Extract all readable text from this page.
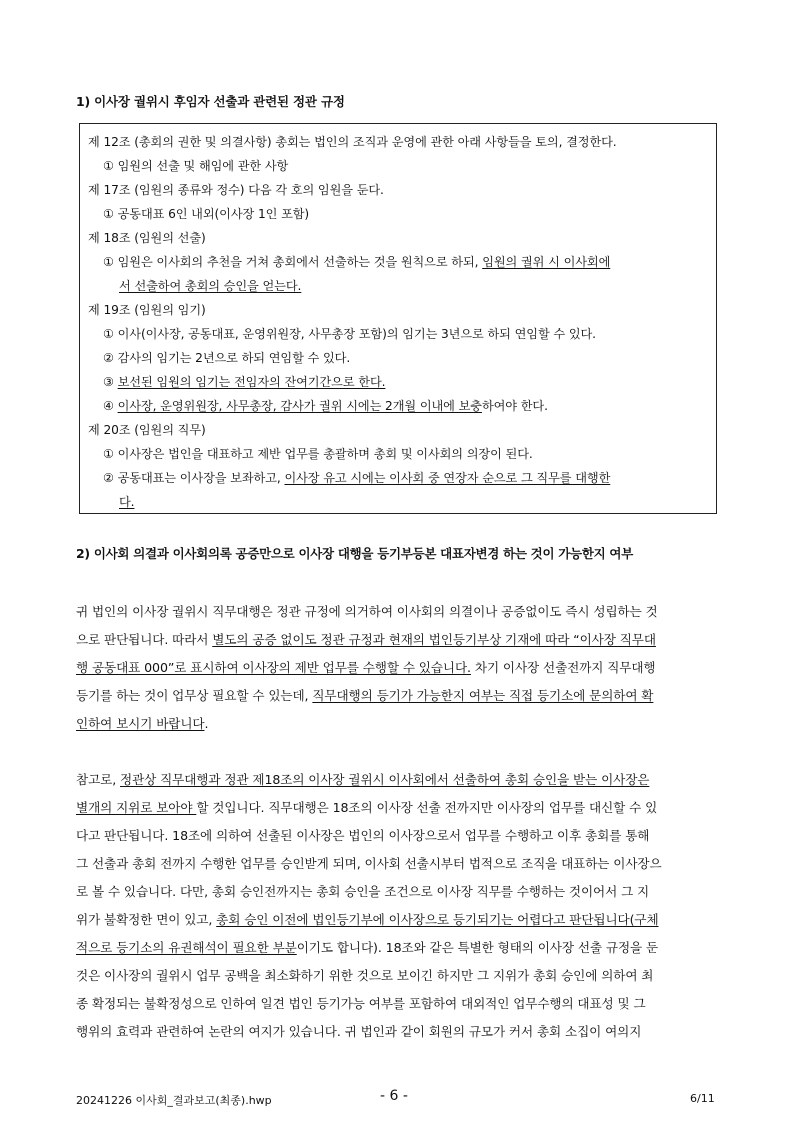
1) 이사장 궐위시 후임자 선출과 관련된 정관 규정
제 12조 (총회의 권한 및 의결사항) 총회는 법인의 조직과 운영에 관한 아래 사항들을 토의, 결정한다.
① 임원의 선출 및 해임에 관한 사항
제 17조 (임원의 종류와 정수) 다음 각 호의 임원을 둔다.
① 공동대표 6인 내외(이사장 1인 포함)
제 18조 (임원의 선출)
① 임원은 이사회의 추천을 거쳐 총회에서 선출하는 것을 원칙으로 하되, 임원의 궐위 시 이사회에
서 선출하여 총회의 승인을 얻는다.
제 19조 (임원의 임기)
① 이사(이사장, 공동대표, 운영위원장, 사무총장 포함)의 임기는 3년으로 하되 연임할 수 있다.
② 감사의 임기는 2년으로 하되 연임할 수 있다.
③ 보선된 임원의 임기는 전임자의 잔여기간으로 한다.
④ 이사장, 운영위원장, 사무총장, 감사가 궐위 시에는 2개월 이내에 보충하여야 한다.
제 20조 (임원의 직무)
① 이사장은 법인을 대표하고 제반 업무를 총괄하며 총회 및 이사회의 의장이 된다.
② 공동대표는 이사장을 보좌하고, 이사장 유고 시에는 이사회 중 연장자 순으로 그 직무를 대행한
다.
2) 이사회 의결과 이사회의록 공증만으로 이사장 대행을 등기부등본 대표자변경 하는 것이 가능한지 여부
귀 법인의 이사장 궐위시 직무대행은 정관 규정에 의거하여 이사회의 의결이나 공증없이도 즉시 성립하는 것
으로 판단됩니다. 따라서 별도의 공증 없이도 정관 규정과 현재의 법인등기부상 기재에 따라 “이사장 직무대
행 공동대표 000”로 표시하여 이사장의 제반 업무를 수행할 수 있습니다. 차기 이사장 선출전까지 직무대행
등기를 하는 것이 업무상 필요할 수 있는데, 직무대행의 등기가 가능한지 여부는 직접 등기소에 문의하여 확
인하여 보시기 바랍니다.
참고로, 정관상 직무대행과 정관 제18조의 이사장 궐위시 이사회에서 선출하여 총회 승인을 받는 이사장은
별개의 지위로 보아야 할 것입니다. 직무대행은 18조의 이사장 선출 전까지만 이사장의 업무를 대신할 수 있
다고 판단됩니다. 18조에 의하여 선출된 이사장은 법인의 이사장으로서 업무를 수행하고 이후 총회를 통해
그 선출과 총회 전까지 수행한 업무를 승인받게 되며, 이사회 선출시부터 법적으로 조직을 대표하는 이사장으
로 볼 수 있습니다. 다만, 총회 승인전까지는 총회 승인을 조건으로 이사장 직무를 수행하는 것이어서 그 지
위가 불확정한 면이 있고, 총회 승인 이전에 법인등기부에 이사장으로 등기되기는 어렵다고 판단됩니다(구체
적으로 등기소의 유권해석이 필요한 부분이기도 합니다). 18조와 같은 특별한 형태의 이사장 선출 규정을 둔
것은 이사장의 궐위시 업무 공백을 최소화하기 위한 것으로 보이긴 하지만 그 지위가 총회 승인에 의하여 최
종 확정되는 불확정성으로 인하여 일견 법인 등기가능 여부를 포함하여 대외적인 업무수행의 대표성 및 그
행위의 효력과 관련하여 논란의 여지가 있습니다. 귀 법인과 같이 회원의 규모가 커서 총회 소집이 여의지
20241226 이사회_결과보고(최종).hwp	- 6 -	6/11
